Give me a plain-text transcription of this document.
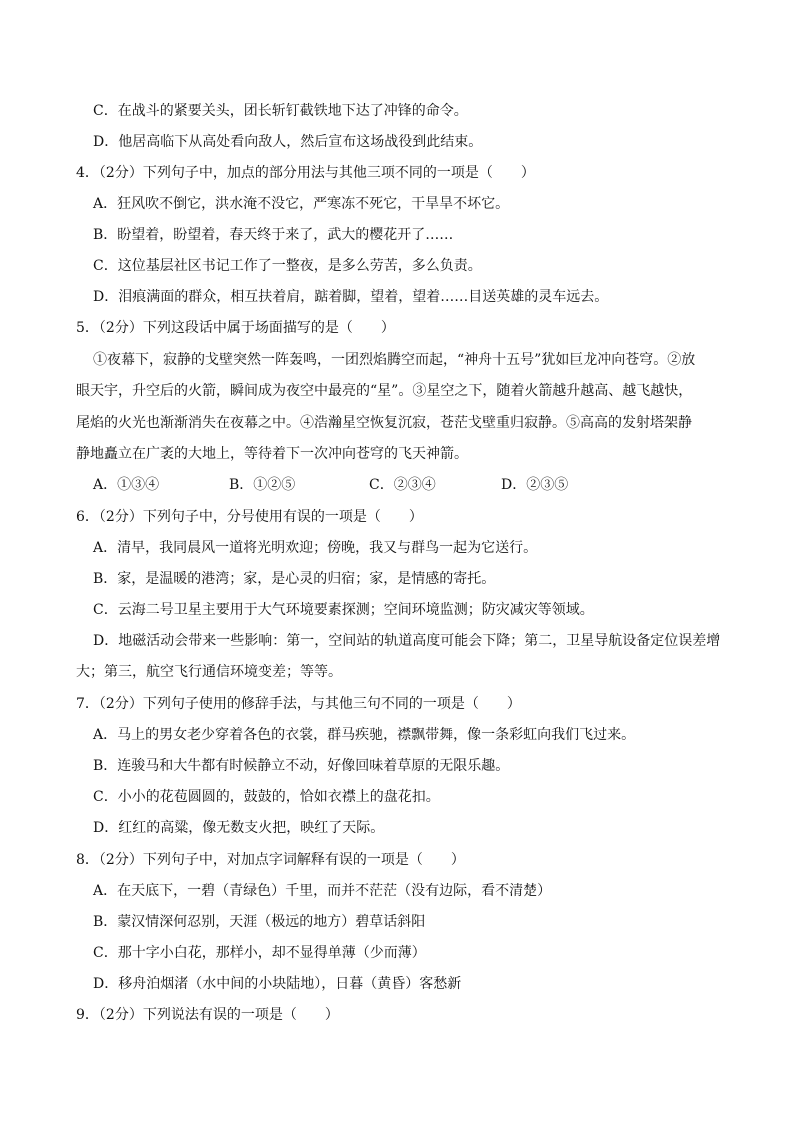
C．在战斗的紧要关头，团长斩钉截铁地下达了冲锋的命令。

D．他居高临下从高处看向敌人，然后宣布这场战役到此结束。

4．（2分）下列句子中，加点的部分用法与其他三项不同的一项是（　　）

A．狂风吹不倒它，洪水淹不没它，严寒冻不死它，干旱旱不坏它。

B．盼望着，盼望着，春天终于来了，武大的樱花开了……

C．这位基层社区书记工作了一整夜，是多么劳苦，多么负责。

D．泪痕满面的群众，相互扶着肩，踮着脚，望着，望着……目送英雄的灵车远去。

5．（2分）下列这段话中属于场面描写的是（　　）

①夜幕下，寂静的戈壁突然一阵轰鸣，一团烈焰腾空而起，“神舟十五号”犹如巨龙冲向苍穹。②放

眼天宇，升空后的火箭，瞬间成为夜空中最亮的“星”。③星空之下，随着火箭越升越高、越飞越快，

尾焰的火光也渐渐消失在夜幕之中。④浩瀚星空恢复沉寂，苍茫戈壁重归寂静。⑤高高的发射塔架静

静地矗立在广袤的大地上，等待着下一次冲向苍穹的飞天神箭。

A．①③④	B．①②⑤	C．②③④	D．②③⑤

6．（2分）下列句子中，分号使用有误的一项是（　　）

A．清早，我同晨风一道将光明欢迎；傍晚，我又与群鸟一起为它送行。

B．家，是温暖的港湾；家，是心灵的归宿；家，是情感的寄托。

C．云海二号卫星主要用于大气环境要素探测；空间环境监测；防灾减灾等领域。

D．地磁活动会带来一些影响：第一，空间站的轨道高度可能会下降；第二，卫星导航设备定位误差增

大；第三，航空飞行通信环境变差；等等。

7．（2分）下列句子使用的修辞手法，与其他三句不同的一项是（　　）

A．马上的男女老少穿着各色的衣裳，群马疾驰，襟飘带舞，像一条彩虹向我们飞过来。

B．连骏马和大牛都有时候静立不动，好像回味着草原的无限乐趣。

C．小小的花苞圆圆的，鼓鼓的，恰如衣襟上的盘花扣。

D．红红的高粱，像无数支火把，映红了天际。

8．（2分）下列句子中，对加点字词解释有误的一项是（　　）

A．在天底下，一碧（青绿色）千里，而并不茫茫（没有边际，看不清楚）

B．蒙汉情深何忍别，天涯（极远的地方）碧草话斜阳

C．那十字小白花，那样小，却不显得单薄（少而薄）

D．移舟泊烟渚（水中间的小块陆地），日暮（黄昏）客愁新

9．（2分）下列说法有误的一项是（　　）
